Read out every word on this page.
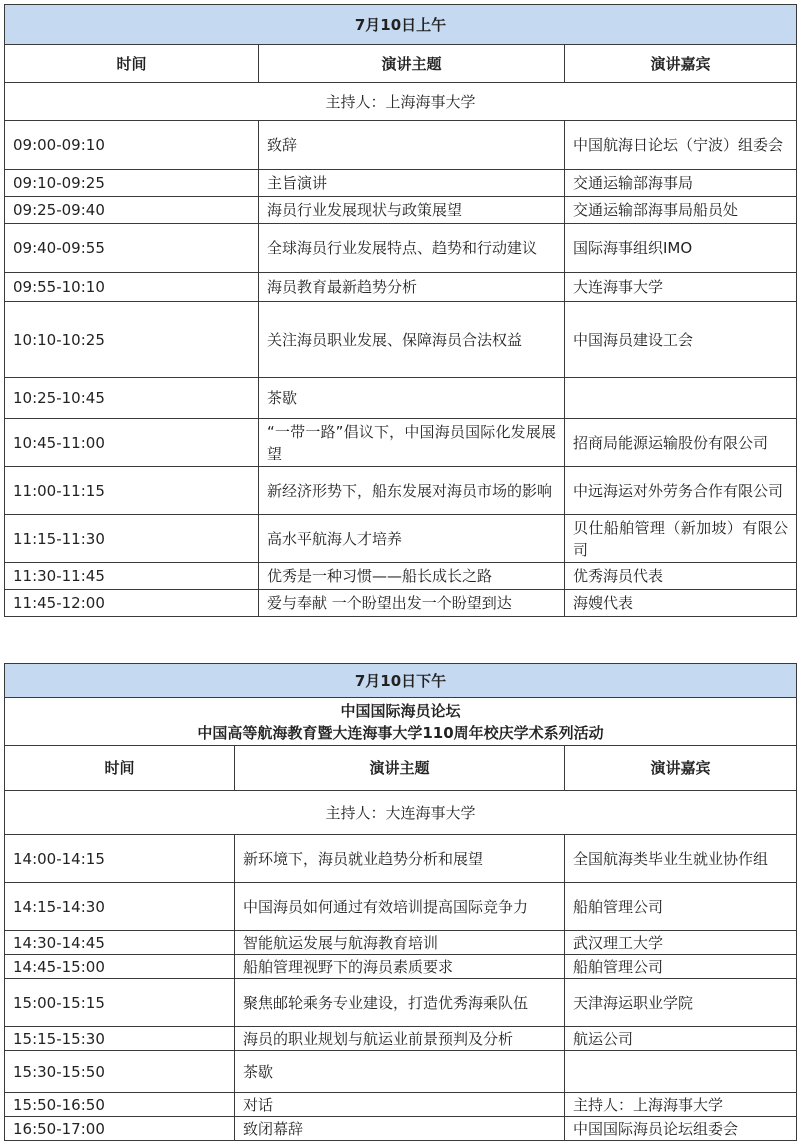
7月10日上午		
时间	演讲主题	演讲嘉宾
主持人：上海海事大学		
09:00-09:10	致辞	中国航海日论坛（宁波）组委会
09:10-09:25	主旨演讲	交通运输部海事局
09:25-09:40	海员行业发展现状与政策展望	交通运输部海事局船员处
09:40-09:55	全球海员行业发展特点、趋势和行动建议	国际海事组织IMO
09:55-10:10	海员教育最新趋势分析	大连海事大学
10:10-10:25	关注海员职业发展、保障海员合法权益	中国海员建设工会
10:25-10:45	茶歇	
10:45-11:00	“一带一路”倡议下，中国海员国际化发展展望	招商局能源运输股份有限公司
11:00-11:15	新经济形势下，船东发展对海员市场的影响	中远海运对外劳务合作有限公司
11:15-11:30	高水平航海人才培养	贝仕船舶管理（新加坡）有限公司
11:30-11:45	优秀是一种习惯——船长成长之路	优秀海员代表
11:45-12:00	爱与奉献 一个盼望出发一个盼望到达	海嫂代表
7月10日下午		

中国国际海员论坛
中国高等航海教育暨大连海事大学110周年校庆学术系列活动		

时间	演讲主题	演讲嘉宾
主持人：大连海事大学		
14:00-14:15	新环境下，海员就业趋势分析和展望	全国航海类毕业生就业协作组
14:15-14:30	中国海员如何通过有效培训提高国际竞争力	船舶管理公司
14:30-14:45	智能航运发展与航海教育培训	武汉理工大学
14:45-15:00	船舶管理视野下的海员素质要求	船舶管理公司
15:00-15:15	聚焦邮轮乘务专业建设，打造优秀海乘队伍	天津海运职业学院
15:15-15:30	海员的职业规划与航运业前景预判及分析	航运公司
15:30-15:50	茶歇	
15:50-16:50	对话	主持人：上海海事大学
16:50-17:00	致闭幕辞	中国国际海员论坛组委会
